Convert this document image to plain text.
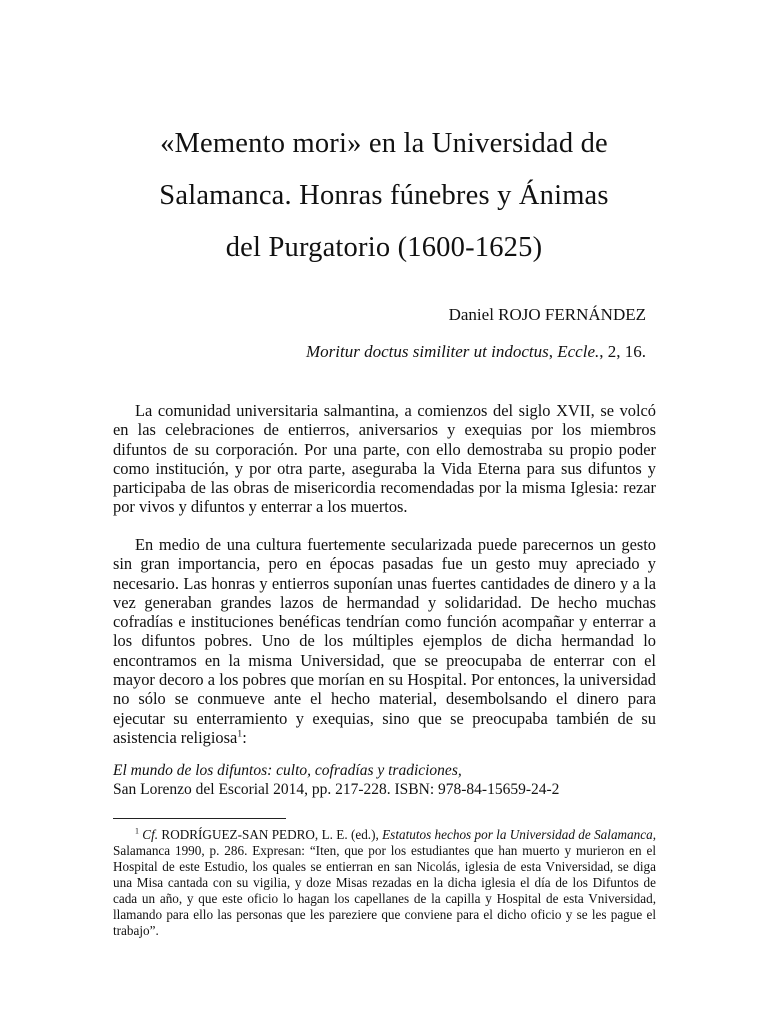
«Memento mori» en la Universidad de
Salamanca. Honras fúnebres y Ánimas
del Purgatorio (1600-1625)
Daniel ROJO FERNÁNDEZ
Moritur doctus similiter ut indoctus, Eccle., 2, 16.
La comunidad universitaria salmantina, a comienzos del siglo XVII, se volcó en las celebraciones de entierros, aniversarios y exequias por los miembros difuntos de su corporación. Por una parte, con ello demostraba su propio poder como institución, y por otra parte, aseguraba la Vida Eterna para sus difuntos y participaba de las obras de misericordia recomendadas por la misma Iglesia: rezar por vivos y difuntos y enterrar a los muertos.
En medio de una cultura fuertemente secularizada puede parecernos un gesto sin gran importancia, pero en épocas pasadas fue un gesto muy apreciado y necesario. Las honras y entierros suponían unas fuertes cantidades de dinero y a la vez generaban grandes lazos de hermandad y solidaridad. De hecho muchas cofradías e instituciones benéficas tendrían como función acompañar y enterrar a los difuntos pobres. Uno de los múltiples ejemplos de dicha hermandad lo encontramos en la misma Universidad, que se preocupaba de enterrar con el mayor decoro a los pobres que morían en su Hospital. Por entonces, la universidad no sólo se conmueve ante el hecho material, desembolsando el dinero para ejecutar su enterramiento y exequias, sino que se preocupaba también de su asistencia religiosa$^1$:
El mundo de los difuntos: culto, cofradías y tradiciones,
San Lorenzo del Escorial 2014, pp. 217-228. ISBN: 978-84-15659-24-2
$^1$ Cf. RODRÍGUEZ-SAN PEDRO, L. E. (ed.), Estatutos hechos por la Universidad de Salamanca, Salamanca 1990, p. 286. Expresan: “Iten, que por los estudiantes que han muerto y murieron en el Hospital de este Estudio, los quales se entierran en san Nicolás, iglesia de esta Vniversidad, se diga una Misa cantada con su vigilia, y doze Misas rezadas en la dicha iglesia el día de los Difuntos de cada un año, y que este oficio lo hagan los capellanes de la capilla y Hospital de esta Vniversidad, llamando para ello las personas que les pareziere que conviene para el dicho oficio y se les pague el trabajo”.
